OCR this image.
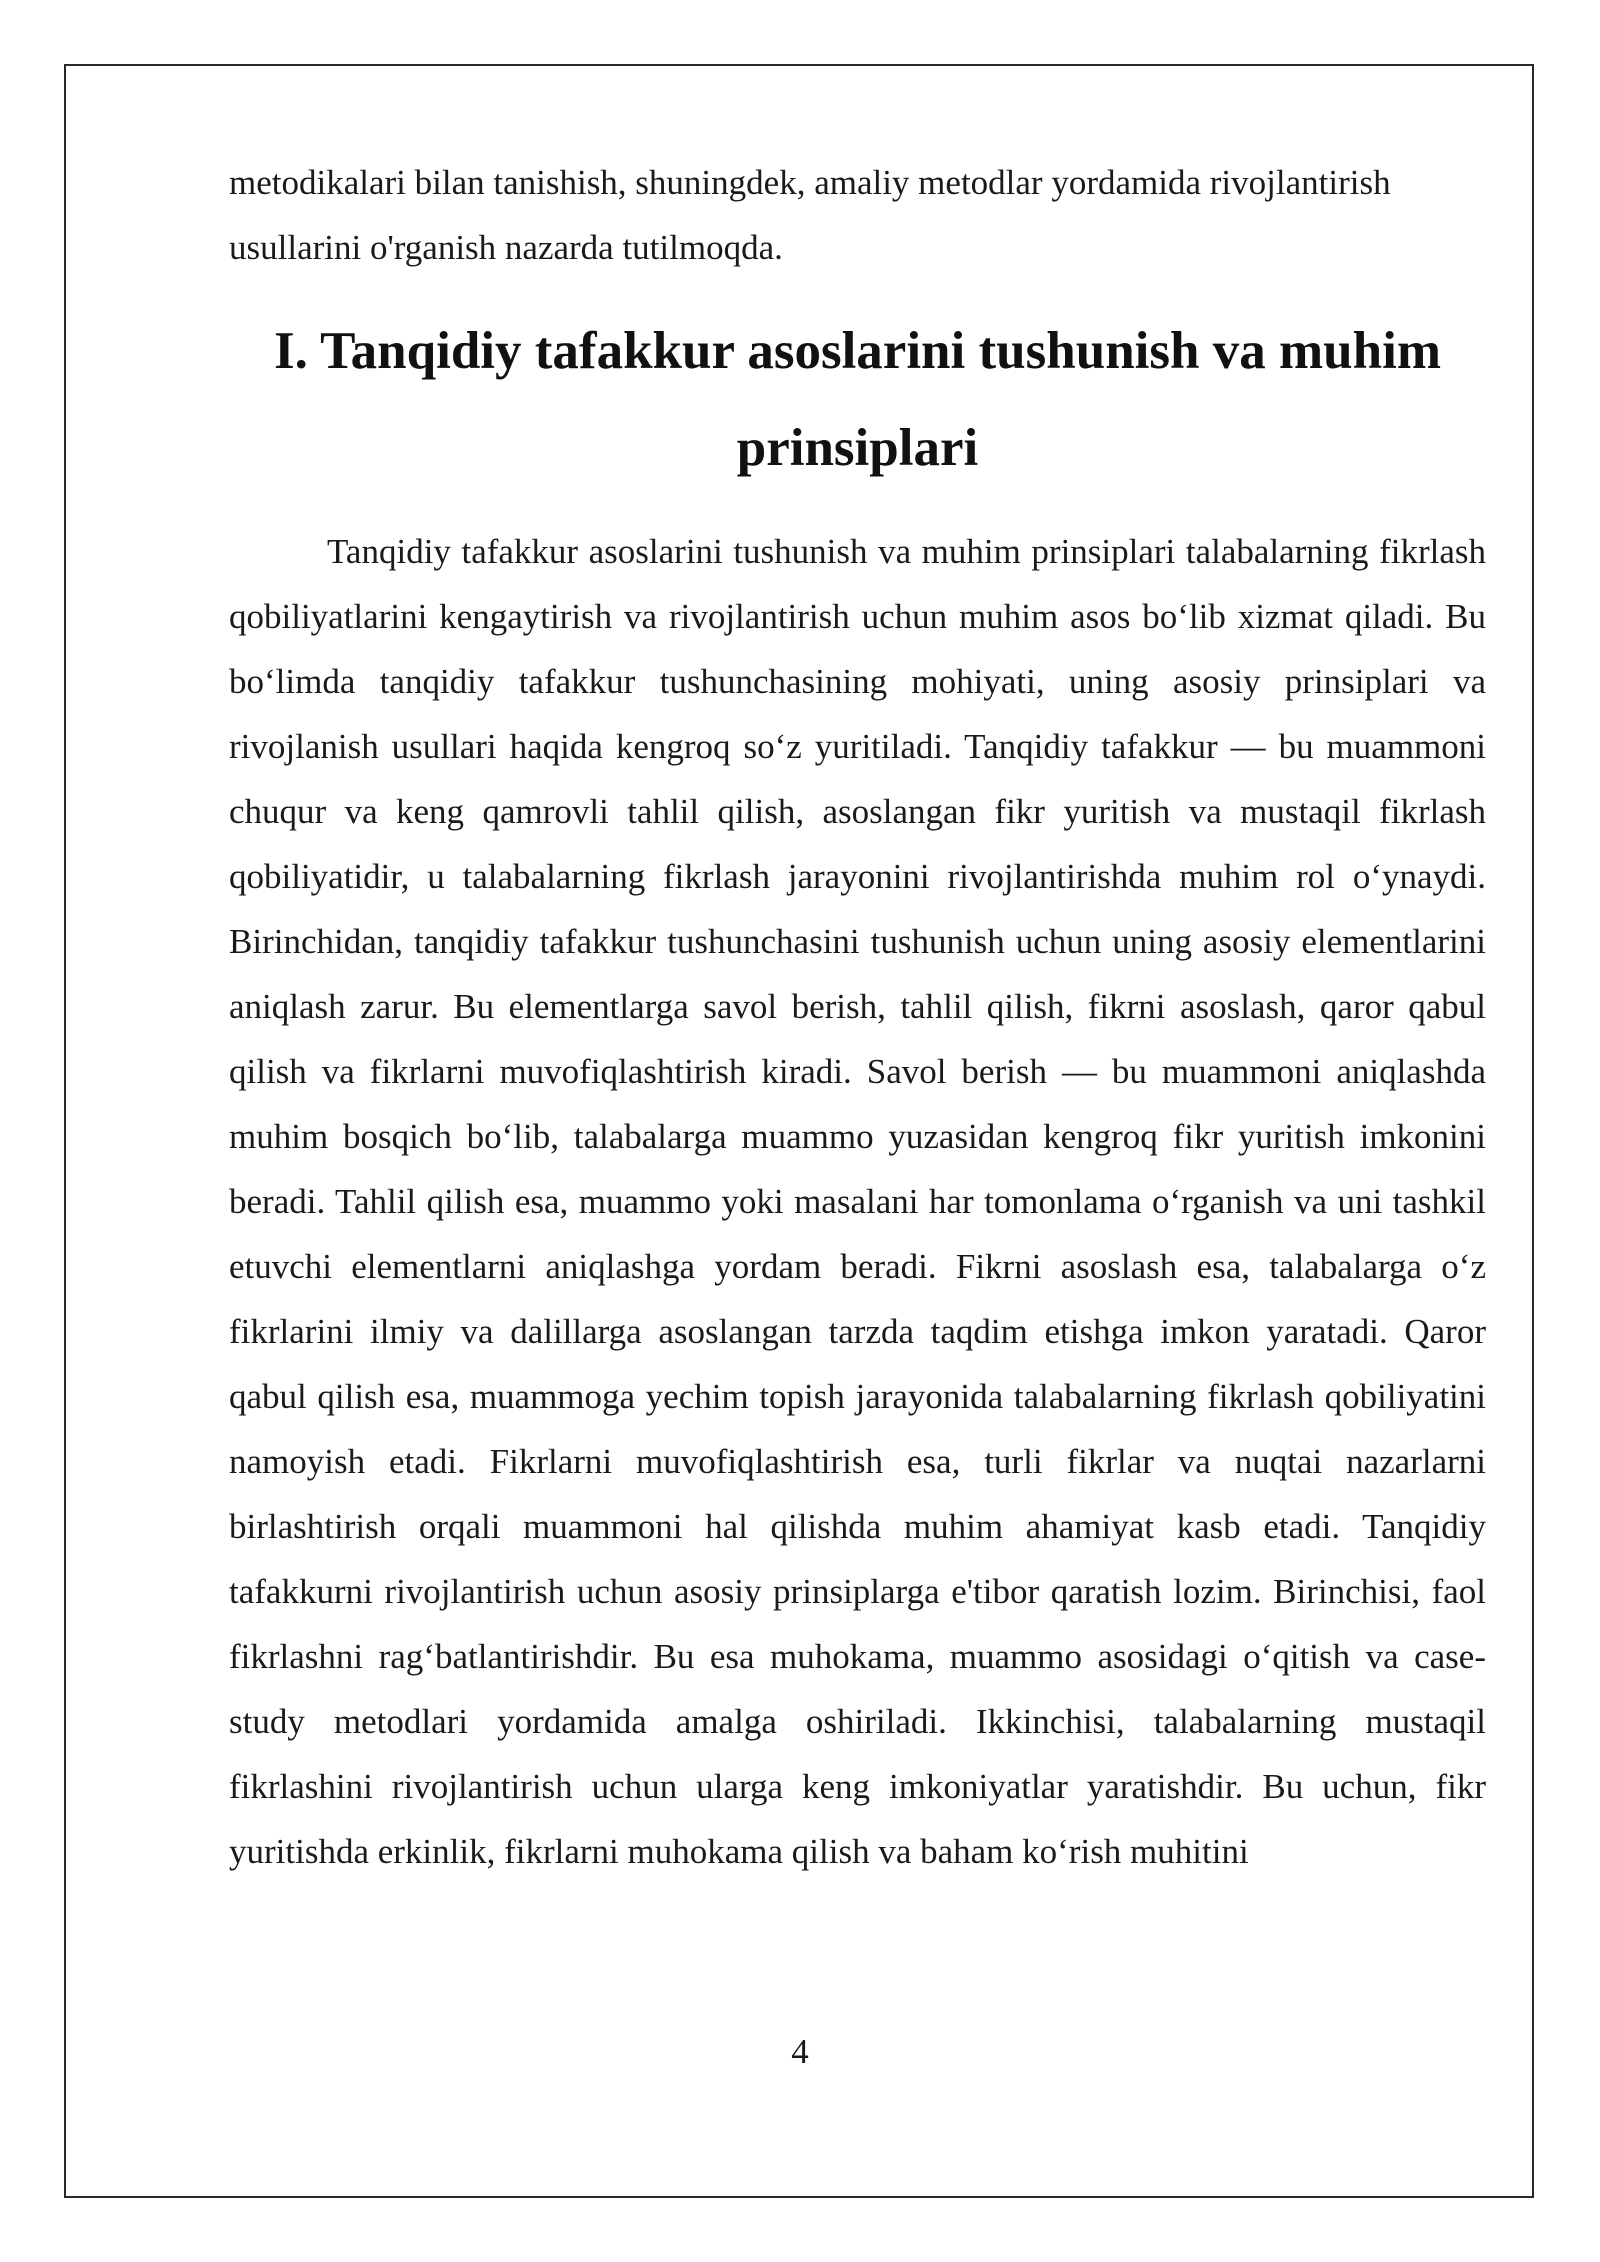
metodikalari bilan tanishish, shuningdek, amaliy metodlar yordamida rivojlantirish usullarini o'rganish nazarda tutilmoqda.

I. Tanqidiy tafakkur asoslarini tushunish va muhim prinsiplari

Tanqidiy tafakkur asoslarini tushunish va muhim prinsiplari talabalarning fikrlash qobiliyatlarini kengaytirish va rivojlantirish uchun muhim asos bo‘lib xizmat qiladi. Bu bo‘limda tanqidiy tafakkur tushunchasining mohiyati, uning asosiy prinsiplari va rivojlanish usullari haqida kengroq so‘z yuritiladi. Tanqidiy tafakkur — bu muammoni chuqur va keng qamrovli tahlil qilish, asoslangan fikr yuritish va mustaqil fikrlash qobiliyatidir, u talabalarning fikrlash jarayonini rivojlantirishda muhim rol o‘ynaydi. Birinchidan, tanqidiy tafakkur tushunchasini tushunish uchun uning asosiy elementlarini aniqlash zarur. Bu elementlarga savol berish, tahlil qilish, fikrni asoslash, qaror qabul qilish va fikrlarni muvofiqlashtirish kiradi. Savol berish — bu muammoni aniqlashda muhim bosqich bo‘lib, talabalarga muammo yuzasidan kengroq fikr yuritish imkonini beradi. Tahlil qilish esa, muammo yoki masalani har tomonlama o‘rganish va uni tashkil etuvchi elementlarni aniqlashga yordam beradi. Fikrni asoslash esa, talabalarga o‘z fikrlarini ilmiy va dalillarga asoslangan tarzda taqdim etishga imkon yaratadi. Qaror qabul qilish esa, muammoga yechim topish jarayonida talabalarning fikrlash qobiliyatini namoyish etadi. Fikrlarni muvofiqlashtirish esa, turli fikrlar va nuqtai nazarlarni birlashtirish orqali muammoni hal qilishda muhim ahamiyat kasb etadi. Tanqidiy tafakkurni rivojlantirish uchun asosiy prinsiplarga e'tibor qaratish lozim. Birinchisi, faol fikrlashni rag‘batlantirishdir. Bu esa muhokama, muammo asosidagi o‘qitish va case-study metodlari yordamida amalga oshiriladi. Ikkinchisi, talabalarning mustaqil fikrlashini rivojlantirish uchun ularga keng imkoniyatlar yaratishdir. Bu uchun, fikr yuritishda erkinlik, fikrlarni muhokama qilish va baham ko‘rish muhitini

4
